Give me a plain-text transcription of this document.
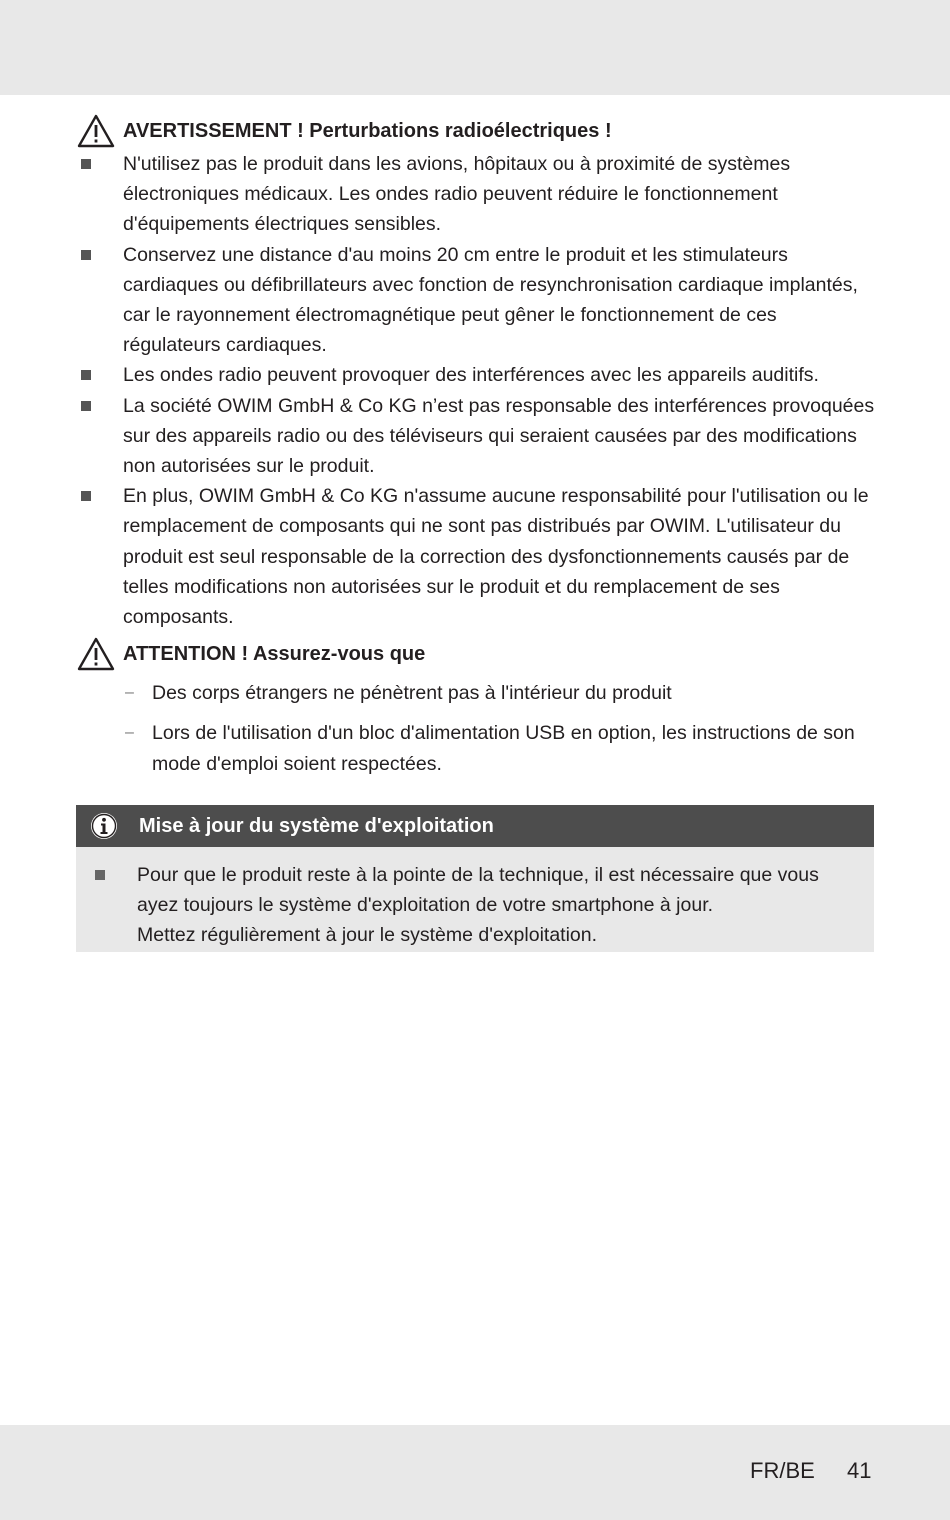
AVERTISSEMENT ! Perturbations radioélectriques !
N'utilisez pas le produit dans les avions, hôpitaux ou à proximité de systèmes électroniques médicaux. Les ondes radio peuvent réduire le fonctionnement d'équipements électriques sensibles.
Conservez une distance d'au moins 20 cm entre le produit et les stimulateurs cardiaques ou défibrillateurs avec fonction de resynchronisation cardiaque implantés, car le rayonnement électromagnétique peut gêner le fonctionnement de ces régulateurs cardiaques.
Les ondes radio peuvent provoquer des interférences avec les appareils auditifs.
La société OWIM GmbH & Co KG n’est pas responsable des interférences provoquées sur des appareils radio ou des téléviseurs qui seraient causées par des modifications non autorisées sur le produit.
En plus, OWIM GmbH & Co KG n'assume aucune responsabilité pour l'utilisation ou le remplacement de composants qui ne sont pas distribués par OWIM. L'utilisateur du produit est seul responsable de la correction des dysfonctionnements causés par de telles modifications non autorisées sur le produit et du remplacement de ses composants.
ATTENTION ! Assurez-vous que
– Des corps étrangers ne pénètrent pas à l'intérieur du produit
– Lors de l'utilisation d'un bloc d'alimentation USB en option, les instructions de son mode d'emploi soient respectées.
Mise à jour du système d'exploitation
Pour que le produit reste à la pointe de la technique, il est nécessaire que vous ayez toujours le système d'exploitation de votre smartphone à jour.
Mettez régulièrement à jour le système d'exploitation.
FR/BE 41
